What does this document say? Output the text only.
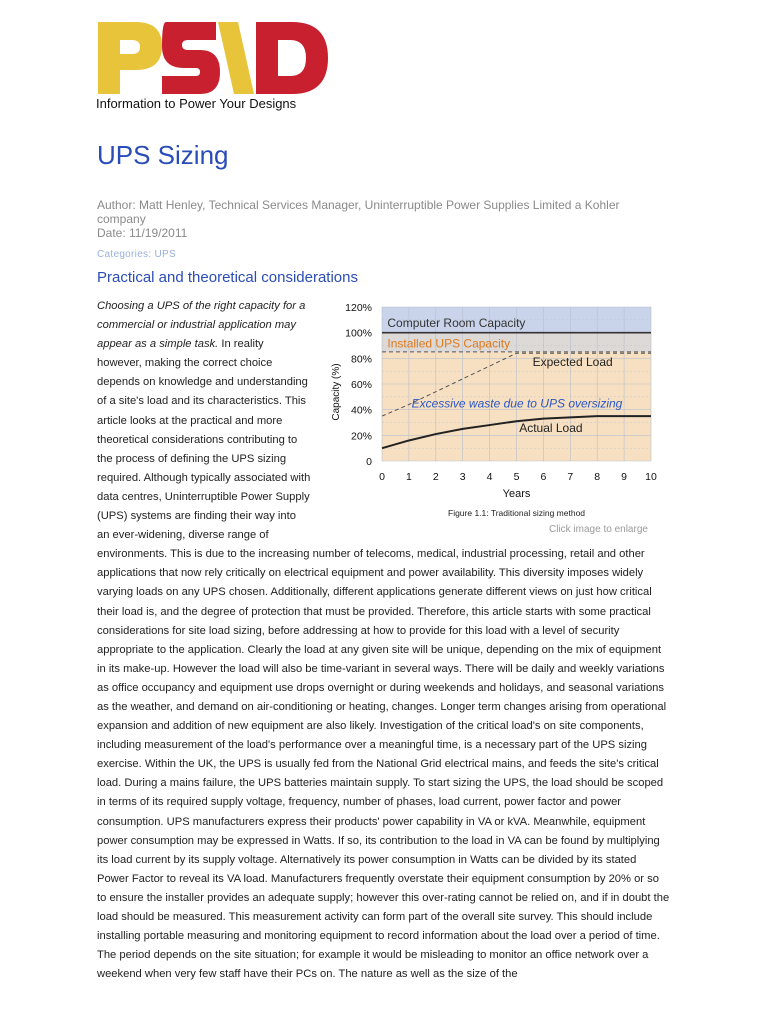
Information to Power Your Designs
UPS Sizing
Author: Matt Henley, Technical Services Manager, Uninterruptible Power Supplies Limited a Kohler company
Date: 11/19/2011
Categories: UPS
Practical and theoretical considerations
Computer Room Capacity
Installed UPS Capacity
Expected Load
Excessive waste due to UPS oversizing
Actual Load
0
20%
40%
60%
80%
100%
120%
0 1 2 3 4 5 6 7 8 9 10
Years
Capacity (%)
Figure 1.1: Traditional sizing method
Click image to enlarge
Choosing a UPS of the right capacity for a commercial or industrial application may appear as a simple task. In reality however, making the correct choice depends on knowledge and understanding of a site's load and its characteristics. This article looks at the practical and more theoretical considerations contributing to the process of defining the UPS sizing required. Although typically associated with data centres, Uninterruptible Power Supply (UPS) systems are finding their way into an ever-widening, diverse range of environments. This is due to the increasing number of telecoms, medical, industrial processing, retail and other applications that now rely critically on electrical equipment and power availability. This diversity imposes widely varying loads on any UPS chosen. Additionally, different applications generate different views on just how critical their load is, and the degree of protection that must be provided. Therefore, this article starts with some practical considerations for site load sizing, before addressing at how to provide for this load with a level of security appropriate to the application. Clearly the load at any given site will be unique, depending on the mix of equipment in its make-up. However the load will also be time-variant in several ways. There will be daily and weekly variations as office occupancy and equipment use drops overnight or during weekends and holidays, and seasonal variations as the weather, and demand on air-conditioning or heating, changes. Longer term changes arising from operational expansion and addition of new equipment are also likely. Investigation of the critical load's on site components, including measurement of the load's performance over a meaningful time, is a necessary part of the UPS sizing exercise. Within the UK, the UPS is usually fed from the National Grid electrical mains, and feeds the site's critical load. During a mains failure, the UPS batteries maintain supply. To start sizing the UPS, the load should be scoped in terms of its required supply voltage, frequency, number of phases, load current, power factor and power consumption. UPS manufacturers express their products' power capability in VA or kVA. Meanwhile, equipment power consumption may be expressed in Watts. If so, its contribution to the load in VA can be found by multiplying its load current by its supply voltage. Alternatively its power consumption in Watts can be divided by its stated Power Factor to reveal its VA load. Manufacturers frequently overstate their equipment consumption by 20% or so to ensure the installer provides an adequate supply; however this over-rating cannot be relied on, and if in doubt the load should be measured. This measurement activity can form part of the overall site survey. This should include installing portable measuring and monitoring equipment to record information about the load over a period of time. The period depends on the site situation; for example it would be misleading to monitor an office network over a weekend when very few staff have their PCs on. The nature as well as the size of the
